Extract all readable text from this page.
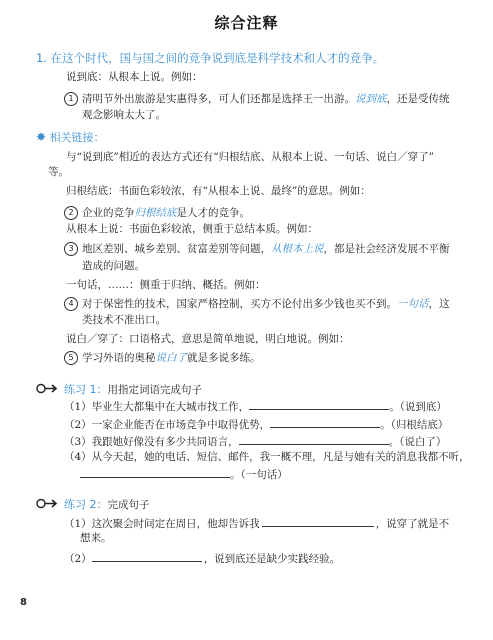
综合注释
1. 在这个时代，国与国之间的竞争说到底是科学技术和人才的竞争。
说到底：从根本上说。例如：
1 清明节外出旅游是实惠得多，可人们还都是选择王一出游。说到底，还是受传统
观念影响太大了。
✸ 相关链接：
与“说到底”相近的表达方式还有“归根结底、从根本上说、一句话、说白／穿了”
等。
归根结底：书面色彩较浓，有“从根本上说、最终”的意思。例如：
2 企业的竞争归根结底是人才的竞争。
从根本上说：书面色彩较浓，侧重于总结本质。例如：
3 地区差别、城乡差别、贫富差别等问题，从根本上说，都是社会经济发展不平衡
造成的问题。
一句话，……：侧重于归纳、概括。例如：
4 对于保密性的技术，国家严格控制，买方不论付出多少钱也买不到。一句话，这
类技术不准出口。
说白／穿了：口语格式，意思是简单地说，明白地说。例如：
5 学习外语的奥秘说白了就是多说多练。
练习 1：用指定词语完成句子
（1）毕业生大都集中在大城市找工作，	。（说到底）
（2）一家企业能否在市场竞争中取得优势，	。（归根结底）
（3）我跟她好像没有多少共同语言，	。（说白了）
（4）从今天起，她的电话、短信、邮件，我一概不理，凡是与她有关的消息我都不听，
。（一句话）
练习 2：完成句子
（1）这次聚会时间定在周日，他却告诉我	，说穿了就是不
想来。
（2）	，说到底还是缺少实践经验。
8
